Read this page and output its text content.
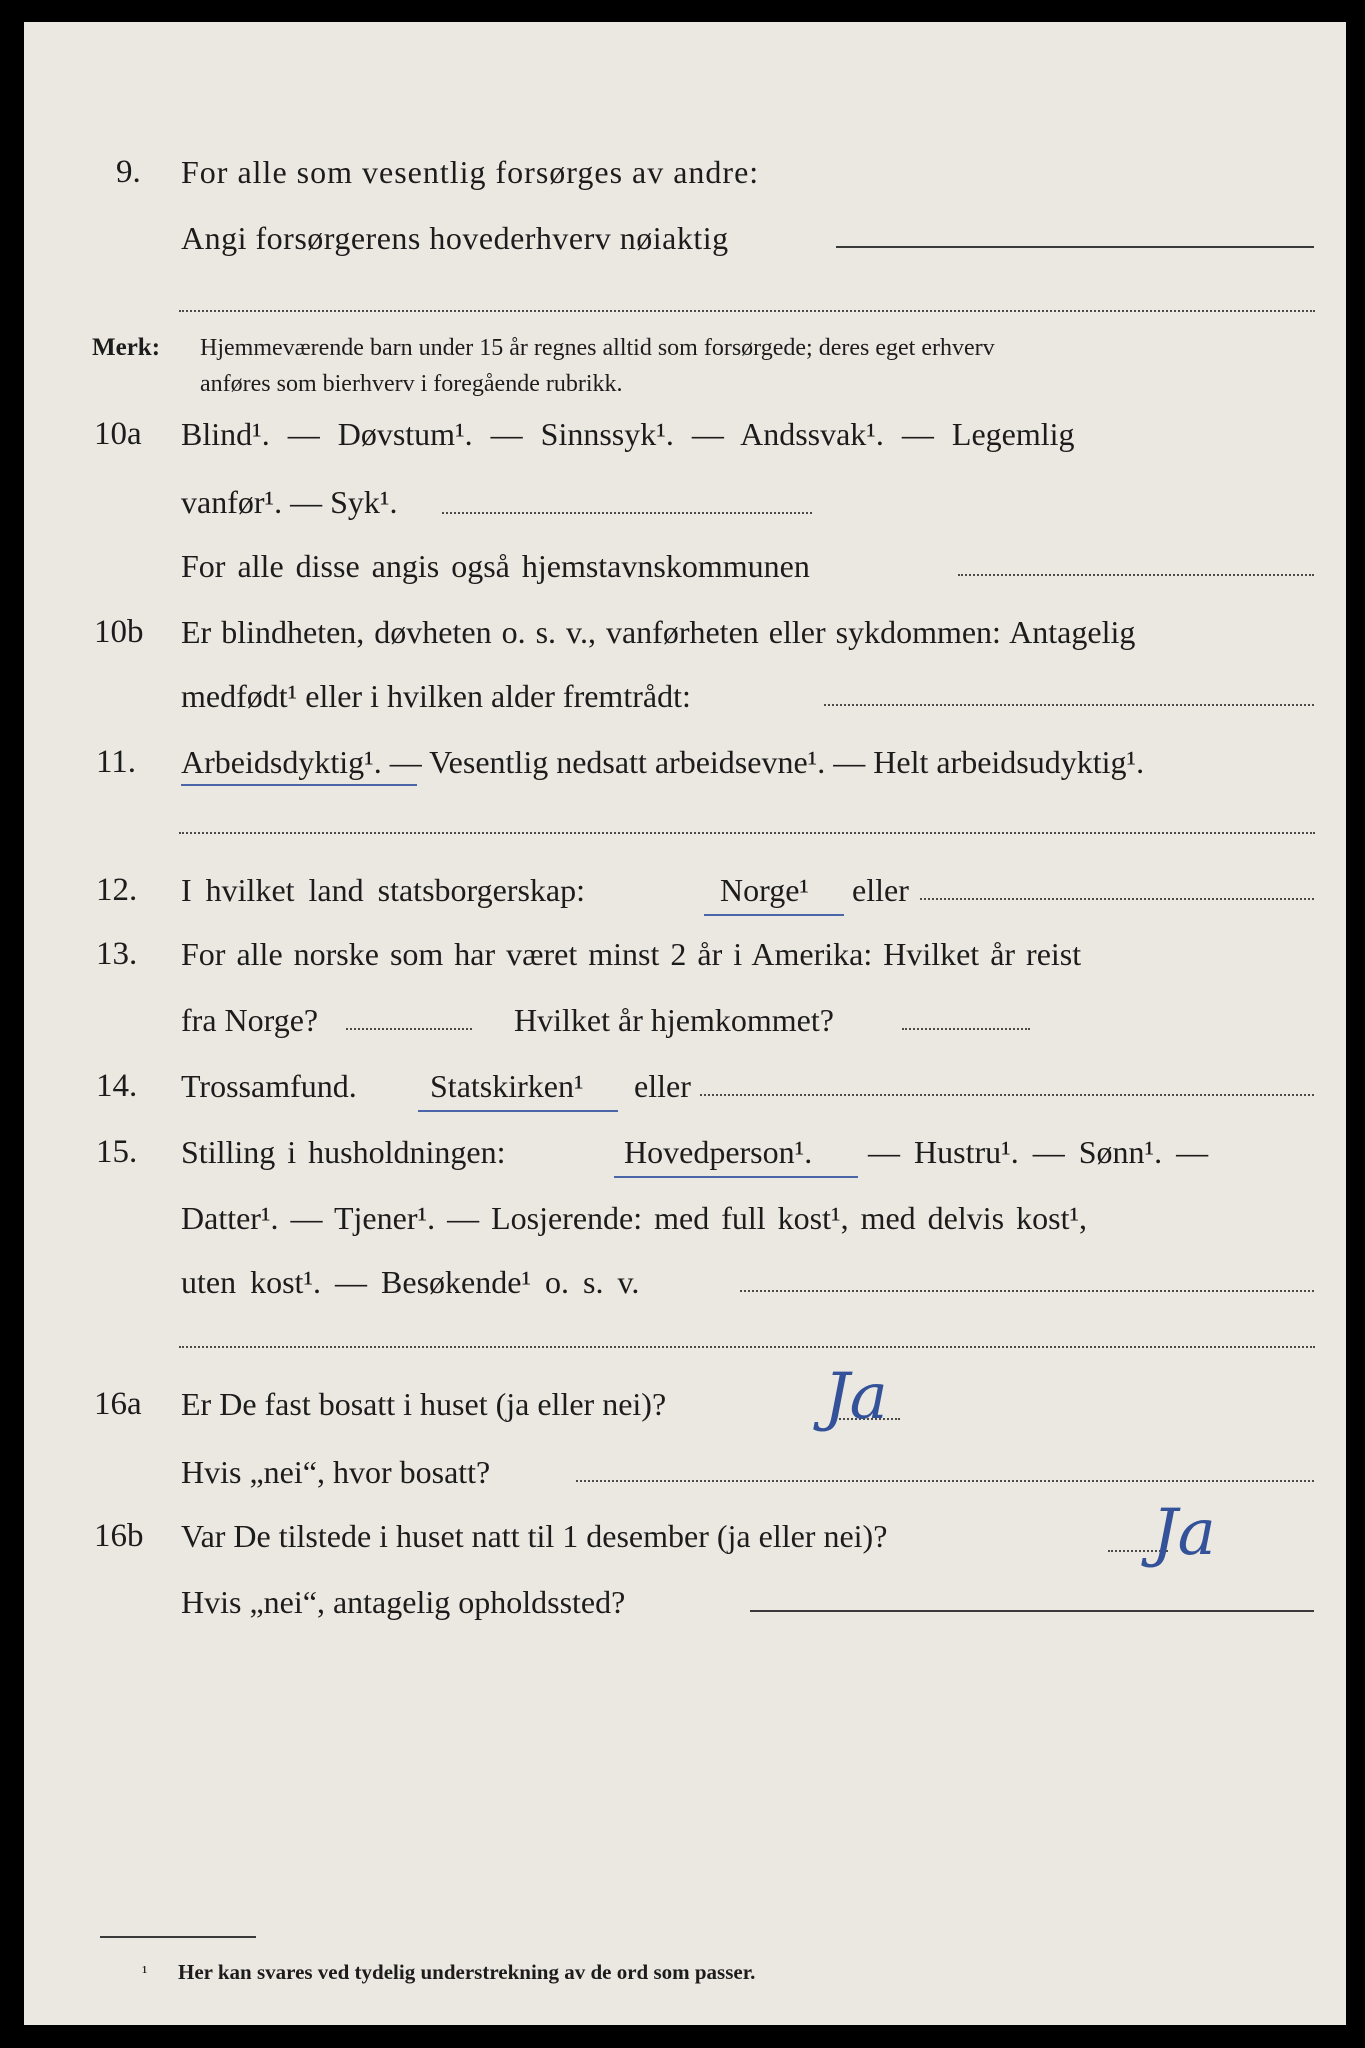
9. For alle som vesentlig forsørges av andre:
Angi forsørgerens hovederhverv nøiaktig
Merk: Hjemmeværende barn under 15 år regnes alltid som forsørgede; deres eget erhverv
anføres som bierhverv i foregående rubrikk.
10a Blind¹. — Døvstum¹. — Sinnssyk¹. — Andssvak¹. — Legemlig
vanfør¹. — Syk¹.
For alle disse angis også hjemstavnskommunen
10b Er blindheten, døvheten o. s. v., vanførheten eller sykdommen: Antagelig
medfødt¹ eller i hvilken alder fremtrådt:
11. Arbeidsdyktig¹. — Vesentlig nedsatt arbeidsevne¹. — Helt arbeidsudyktig¹.
12. I hvilket land statsborgerskap:	Norge¹ eller
13. For alle norske som har været minst 2 år i Amerika: Hvilket år reist
fra Norge?	Hvilket år hjemkommet?
14. Trossamfund. Statskirken¹ eller
15. Stilling i husholdningen:	Hovedperson¹. — Hustru¹. — Sønn¹. —
Datter¹. — Tjener¹. — Losjerende: med full kost¹, med delvis kost¹,
uten kost¹. — Besøkende¹ o. s. v.
16a Er De fast bosatt i huset (ja eller nei)? Ja
Hvis „nei“, hvor bosatt?
16b Var De tilstede i huset natt til 1 desember (ja eller nei)?	Ja
Hvis „nei“, antagelig opholdssted?
¹ Her kan svares ved tydelig understrekning av de ord som passer.
